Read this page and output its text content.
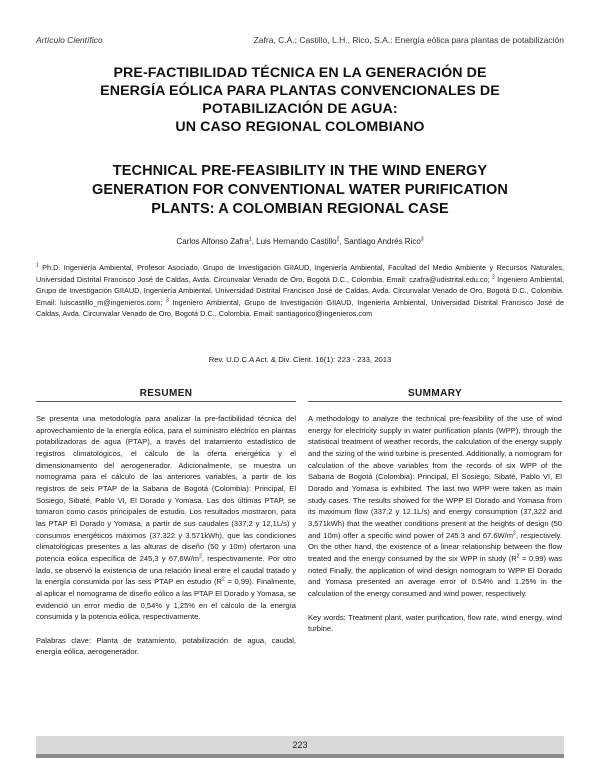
Artículo Científico	Zafra, C.A.; Castillo, L.H., Rico, S.A.: Energía eólica para plantas de potabilización
PRE-FACTIBILIDAD TÉCNICA EN LA GENERACIÓN DE
ENERGÍA EÓLICA PARA PLANTAS CONVENCIONALES DE
POTABILIZACIÓN DE AGUA:
UN CASO REGIONAL COLOMBIANO
TECHNICAL PRE-FEASIBILITY IN THE WIND ENERGY
GENERATION FOR CONVENTIONAL WATER PURIFICATION
PLANTS: A COLOMBIAN REGIONAL CASE
Carlos Alfonso Zafra$^1$, Luis Hernando Castillo$^2$, Santiago Andrés Rico$^3$
$^1$ Ph.D. Ingeniería Ambiental, Profesor Asociado, Grupo de Investigación GIIAUD, Ingeniería Ambiental, Facultad del Medio Ambiente y Recursos Naturales, Universidad Distrital Francisco José de Caldas, Avda. Circunvalar Venado de Oro, Bogotá D.C., Colombia. Email: czafra@udistrital.edu.co; $^2$ Ingeniero Ambiental, Grupo de Investigación GIIAUD, Ingeniería Ambiental, Universidad Distrital Francisco José de Caldas, Avda. Circunvalar Venado de Oro, Bogotá D.C., Colombia. Email: luiscastillo_m@ingenieros.com; $^3$ Ingeniero Ambiental, Grupo de Investigación GIIAUD, Ingeniería Ambiental, Universidad Distrital Francisco José de Caldas, Avda. Circunvalar Venado de Oro, Bogotá D.C., Colombia. Email: santiagorico@ingenieros.com
Rev. U.D.C.A Act. & Div. Cient. 16(1): 223 - 233, 2013
RESUMEN	SUMMARY

Se presenta una metodología para analizar la pre-factibilidad técnica del aprovechamiento de la energía eólica, para el suministro eléctrico en plantas potabilizadoras de agua (PTAP), a través del tratamiento estadístico de registros climatológicos, el cálculo de la oferta energética y el dimensionamiento del aerogenerador. Adicionalmente, se muestra un nomograma para el cálculo de las anteriores variables, a partir de los registros de seis PTAP de la Sabana de Bogotá (Colombia): Principal, El Sosiego, Sibaté, Pablo VI, El Dorado y Yomasa. Las dos últimas PTAP, se tomaron como casos principales de estudio. Los resultados mostraron, para las PTAP El Dorado y Yomasa, a partir de sus caudales (337,2 y 12,1L/s) y consumos energéticos máximos (37.322 y 3.571kWh), que las condiciones climatológicas presentes a las alturas de diseño (50 y 10m) ofertaron una potencia eólica específica de 245,3 y $67,6W/m^2$, respectivamente. Por otro lado, se observó la existencia de una relación lineal entre el caudal tratado y la energía consumida por las seis PTAP en estudio $(R^2 = 0,99)$. Finalmente, al aplicar el nomograma de diseño eólico a las PTAP El Dorado y Yomasa, se evidenció un error medio de 0,54% y 1,25% en el cálculo de la energía consumida y la potencia eólica, respectivamente.

Palabras clave: Planta de tratamiento, potabilización de agua, caudal, energía eólica, aerogenerador.

A methodology to analyze the technical pre-feasibility of the use of wind energy for electricity supply in water purification plants (WPP), through the statistical treatment of weather records, the calculation of the energy supply and the sizing of the wind turbine is presented. Additionally, a nomogram for calculation of the above variables from the records of six WPP of the Sabana de Bogotá (Colombia): Principal, El Sosiego, Sibaté, Pablo VI, El Dorado and Yomasa is exhibited. The last two WPP were taken as main study cases. The results showed for the WPP El Dorado and Yomasa from its maximum flow (337.2 y 12.1L/s) and energy consumption (37,322 and 3,571kWh) that the weather conditions present at the heights of design (50 and 10m) offer a specific wind power of 245.3 and $67.6W/m^2$, respectively. On the other hand, the existence of a linear relationship between the flow treated and the energy consumed by the six WPP in study $(R^2 = 0.99)$ was noted Finally, the application of wind design nomogram to WPP El Dorado and Yomasa presented an average error of 0.54% and 1.25% in the calculation of the energy consumed and wind power, respectively.

Key words: Treatment plant, water purification, flow rate, wind energy, wind turbine.

223
